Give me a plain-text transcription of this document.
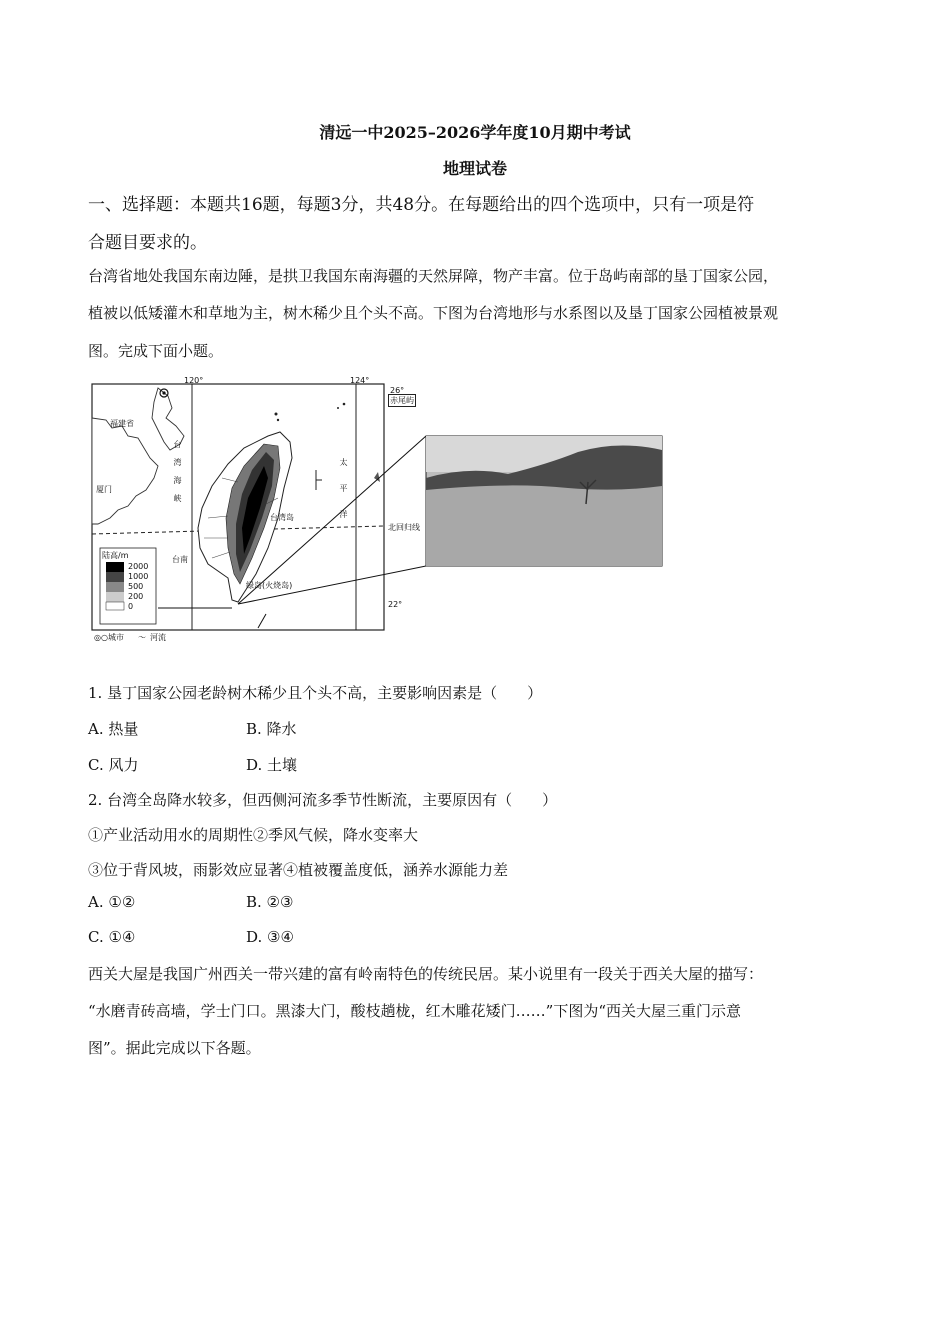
清远一中2025–2026学年度10月期中考试
地理试卷
一、选择题：本题共16题，每题3分，共48分。在每题给出的四个选项中，只有一项是符
合题目要求的。
台湾省地处我国东南边陲，是拱卫我国东南海疆的天然屏障，物产丰富。位于岛屿南部的垦丁国家公园，
植被以低矮灌木和草地为主，树木稀少且个头不高。下图为台湾地形与水系图以及垦丁国家公园植被景观
图。完成下面小题。
120°	124°
26°
22°
福建省
厦门	台湾海峡
台南
台湾岛	太平洋
赤尾屿
北回归线
绿岛(火烧岛)
陆高/m
2000
1000
500
200
0
◎○城市 〜 河流
1. 垦丁国家公园老龄树木稀少且个头不高，主要影响因素是（　　）
A. 热量	B. 降水
C. 风力	D. 土壤
2. 台湾全岛降水较多，但西侧河流多季节性断流，主要原因有（　　）
①产业活动用水的周期性②季风气候，降水变率大
③位于背风坡，雨影效应显著④植被覆盖度低，涵养水源能力差
A. ①②	B. ②③
C. ①④	D. ③④
西关大屋是我国广州西关一带兴建的富有岭南特色的传统民居。某小说里有一段关于西关大屋的描写：
“水磨青砖高墙，学士门口。黑漆大门，酸枝趟栊，红木雕花矮门……”下图为“西关大屋三重门示意
图”。据此完成以下各题。
